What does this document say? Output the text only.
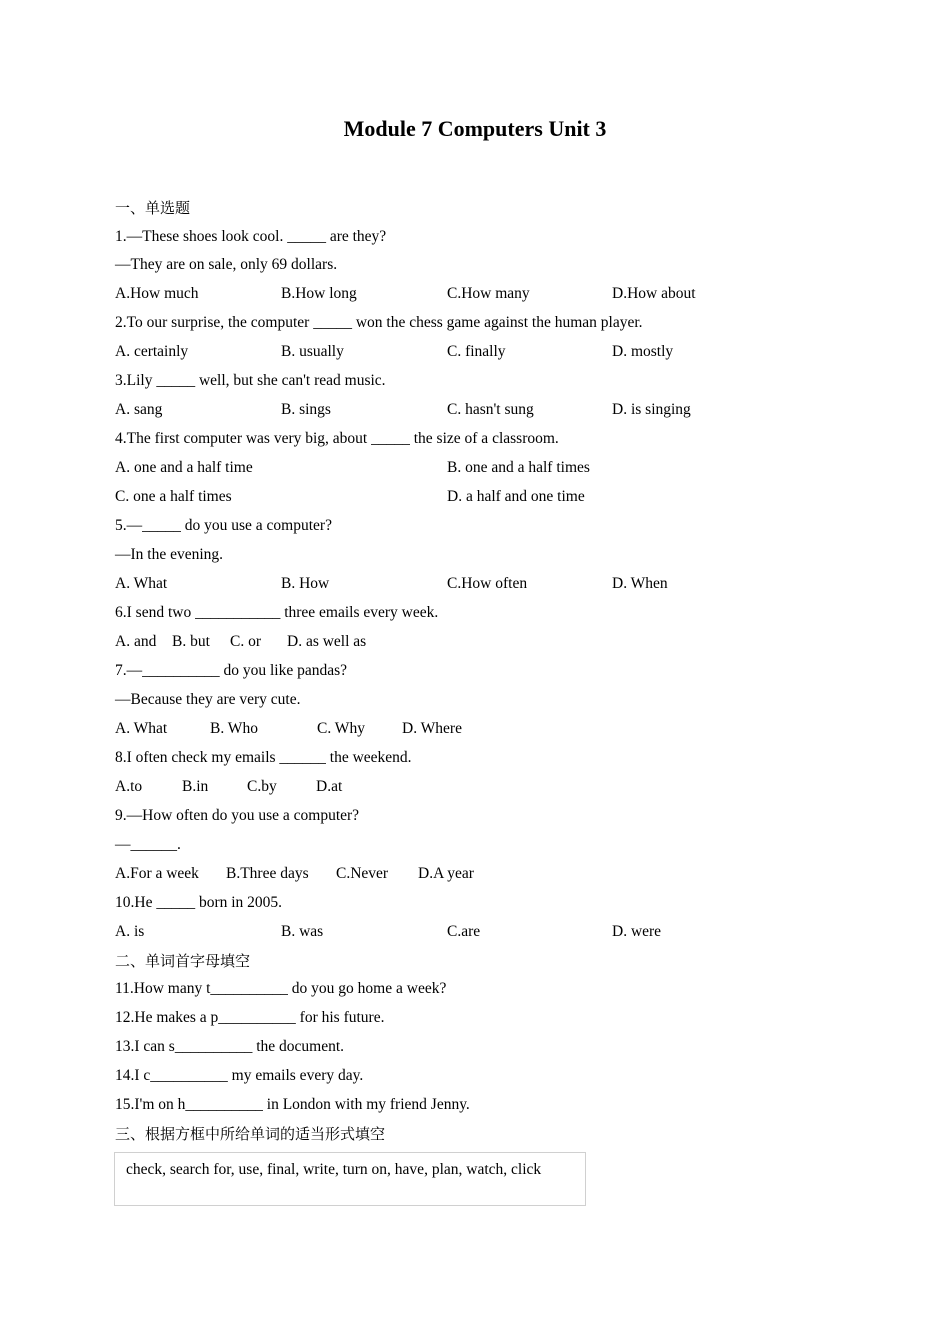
Module 7 Computers Unit 3
一、单选题
1.—These shoes look cool. _____ are they?
—They are on sale, only 69 dollars.
A.How much	B.How long	C.How many	D.How about
2.To our surprise, the computer _____ won the chess game against the human player.
A. certainly	B. usually	C. finally	D. mostly
3.Lily _____ well, but she can't read music.
A. sang	B. sings	C. hasn't sung	D. is singing
4.The first computer was very big, about _____ the size of a classroom.
A. one and a half time	B. one and a half times
C. one a half times	D. a half and one time
5.—_____ do you use a computer?
—In the evening.
A. What	B. How	C.How often	D. When
6.I send two ___________ three emails every week.
A. and B. but C. or D. as well as
7.—__________ do you like pandas?
—Because they are very cute.
A. What	B. Who	C. Why D. Where
8.I often check my emails ______ the weekend.
A.to	B.in C.by	D.at
9.—How often do you use a computer?
—______.
A.For a week B.Three days C.Never D.A year
10.He _____ born in 2005.
A. is	B. was	C.are	D. were
二、单词首字母填空
11.How many t__________ do you go home a week?
12.He makes a p__________ for his future.
13.I can s__________ the document.
14.I c__________ my emails every day.
15.I'm on h__________ in London with my friend Jenny.
三、根据方框中所给单词的适当形式填空
check, search for, use, final, write, turn on, have, plan, watch, click
